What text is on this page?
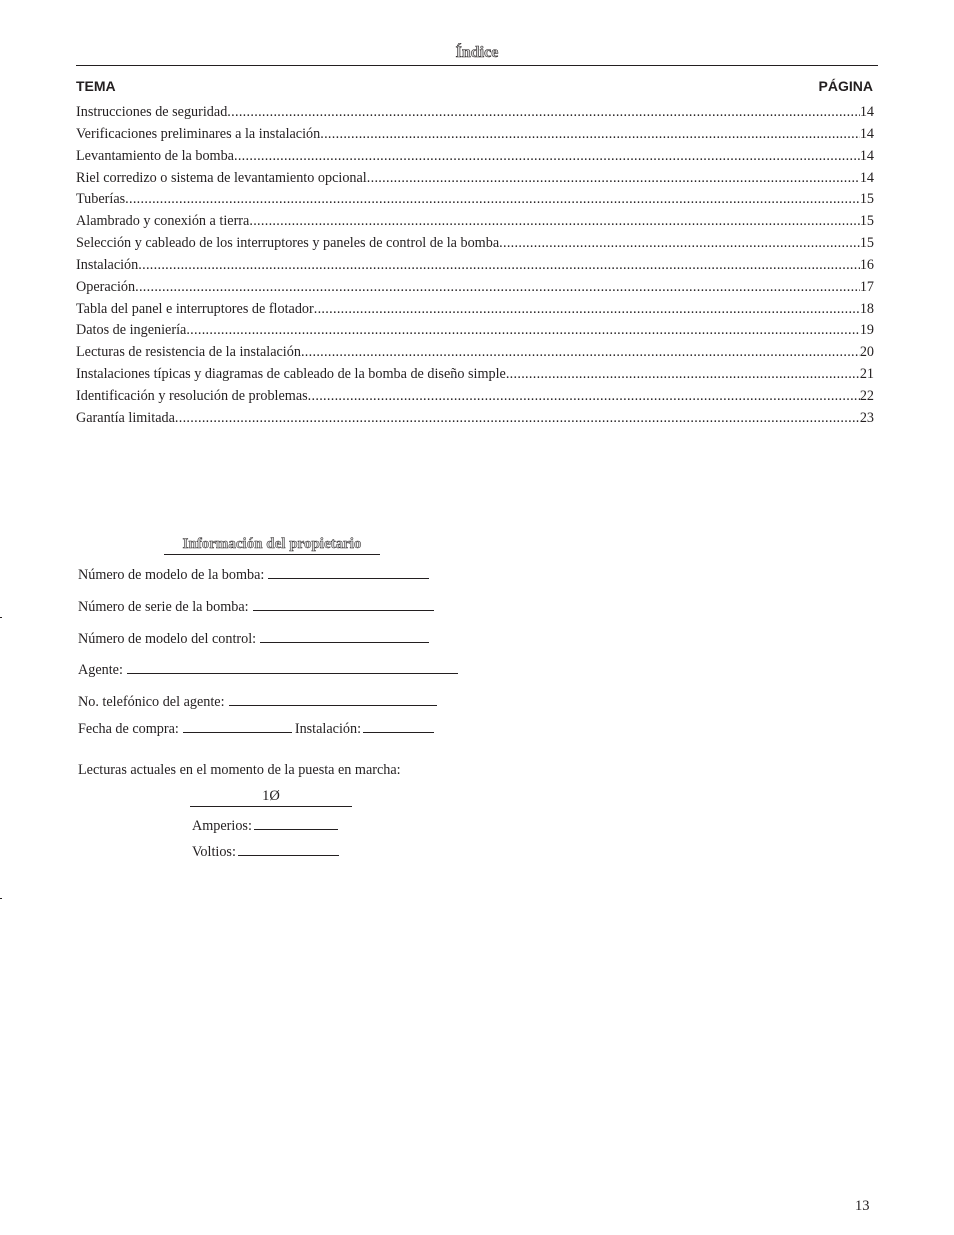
Índice
TEMA	PÁGINA
Instrucciones de seguridad .....	14
Verificaciones preliminares a la instalación .....	14
Levantamiento de la bomba .....	14
Riel corredizo o sistema de levantamiento opcional .....	14
Tuberías .....	15
Alambrado y conexión a tierra .....	15
Selección y cableado de los interruptores y paneles de control de la bomba .....	15
Instalación .....	16
Operación .....	17
Tabla del panel e interruptores de flotador .....	18
Datos de ingeniería .....	19
Lecturas de resistencia de la instalación .....	20
Instalaciones típicas y diagramas de cableado de la bomba de diseño simple .....	21
Identificación y resolución de problemas .....	22
Garantía limitada .....	23
Información del propietario
Número de modelo de la bomba:
Número de serie de la bomba:
Número de modelo del control:
Agente:
No. telefónico del agente:
Fecha de compra:	Instalación:
Lecturas actuales en el momento de la puesta en marcha:
1Ø
Amperios:
Voltios:
13
